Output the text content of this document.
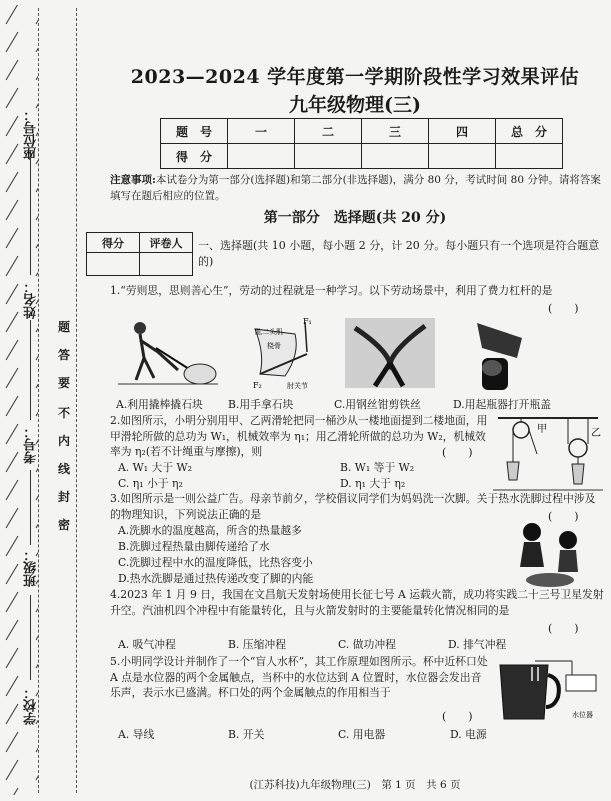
座位号：
姓名：
考号：
班级：
学校：
题
答
要
不
内
线
封
密
2023—2024 学年度第一学期阶段性学习效果评估
九年级物理(三)
题　号	一	二	三	四	总　分
得　分					
注意事项:本试卷分为第一部分(选择题)和第二部分(非选择题)，满分 80 分，考试时间 80 分钟。请将答案填写在题后相应的位置。
第一部分　选择题(共 20 分)
得分	评卷人
	一、选择题(共 10 小题，每小题 2 分，计 20 分。每小题只有一个选项是符合题意的)
1.“劳则思，思则善心生”，劳动的过程就是一种学习。以下劳动场景中，利用了费力杠杆的是
(　　)
F₁
F₂
肱二头肌
桡骨
肘关节
A.利用撬棒撬石块 B.用手拿石块	C.用钢丝钳剪铁丝	D.用起瓶器打开瓶盖
2.如图所示，小明分别用甲、乙两滑轮把同一桶沙从一楼地面提到二楼地面，用甲滑轮所做的总功为 W₁，机械效率为 η₁；用乙滑轮所做的总功为 W₂，机械效率为 η₂(若不计绳重与摩擦)，则	(　　)
甲	乙
A. W₁ 大于 W₂	B. W₁ 等于 W₂
C. η₁ 小于 η₂	D. η₁ 大于 η₂
3.如图所示是一则公益广告。母亲节前夕，学校倡议同学们为妈妈洗一次脚。关于热水洗脚过程中涉及的物理知识，下列说法正确的是	(　　)
A.洗脚水的温度越高，所含的热量越多
B.洗脚过程热量由脚传递给了水
C.洗脚过程中水的温度降低，比热容变小
D.热水洗脚是通过热传递改变了脚的内能
4.2023 年 1 月 9 日，我国在文昌航天发射场使用长征七号 A 运载火箭，成功将实践二十三号卫星发射升空。汽油机四个冲程中有能量转化，且与火箭发射时的主要能量转化情况相同的是
(　　)
A. 吸气冲程	B. 压缩冲程	C. 做功冲程	D. 排气冲程
5.小明同学设计并制作了一个“盲人水杯”，其工作原理如图所示。杯中近杯口处 A 点是水位器的两个金属触点，当杯中的水位达到 A 位置时，水位器会发出音乐声，表示水已盛满。杯口处的两个金属触点的作用相当于
(　　)	水位器
A. 导线	B. 开关	C. 用电器	D. 电源
(江苏科技)九年级物理(三)　第 1 页　共 6 页
